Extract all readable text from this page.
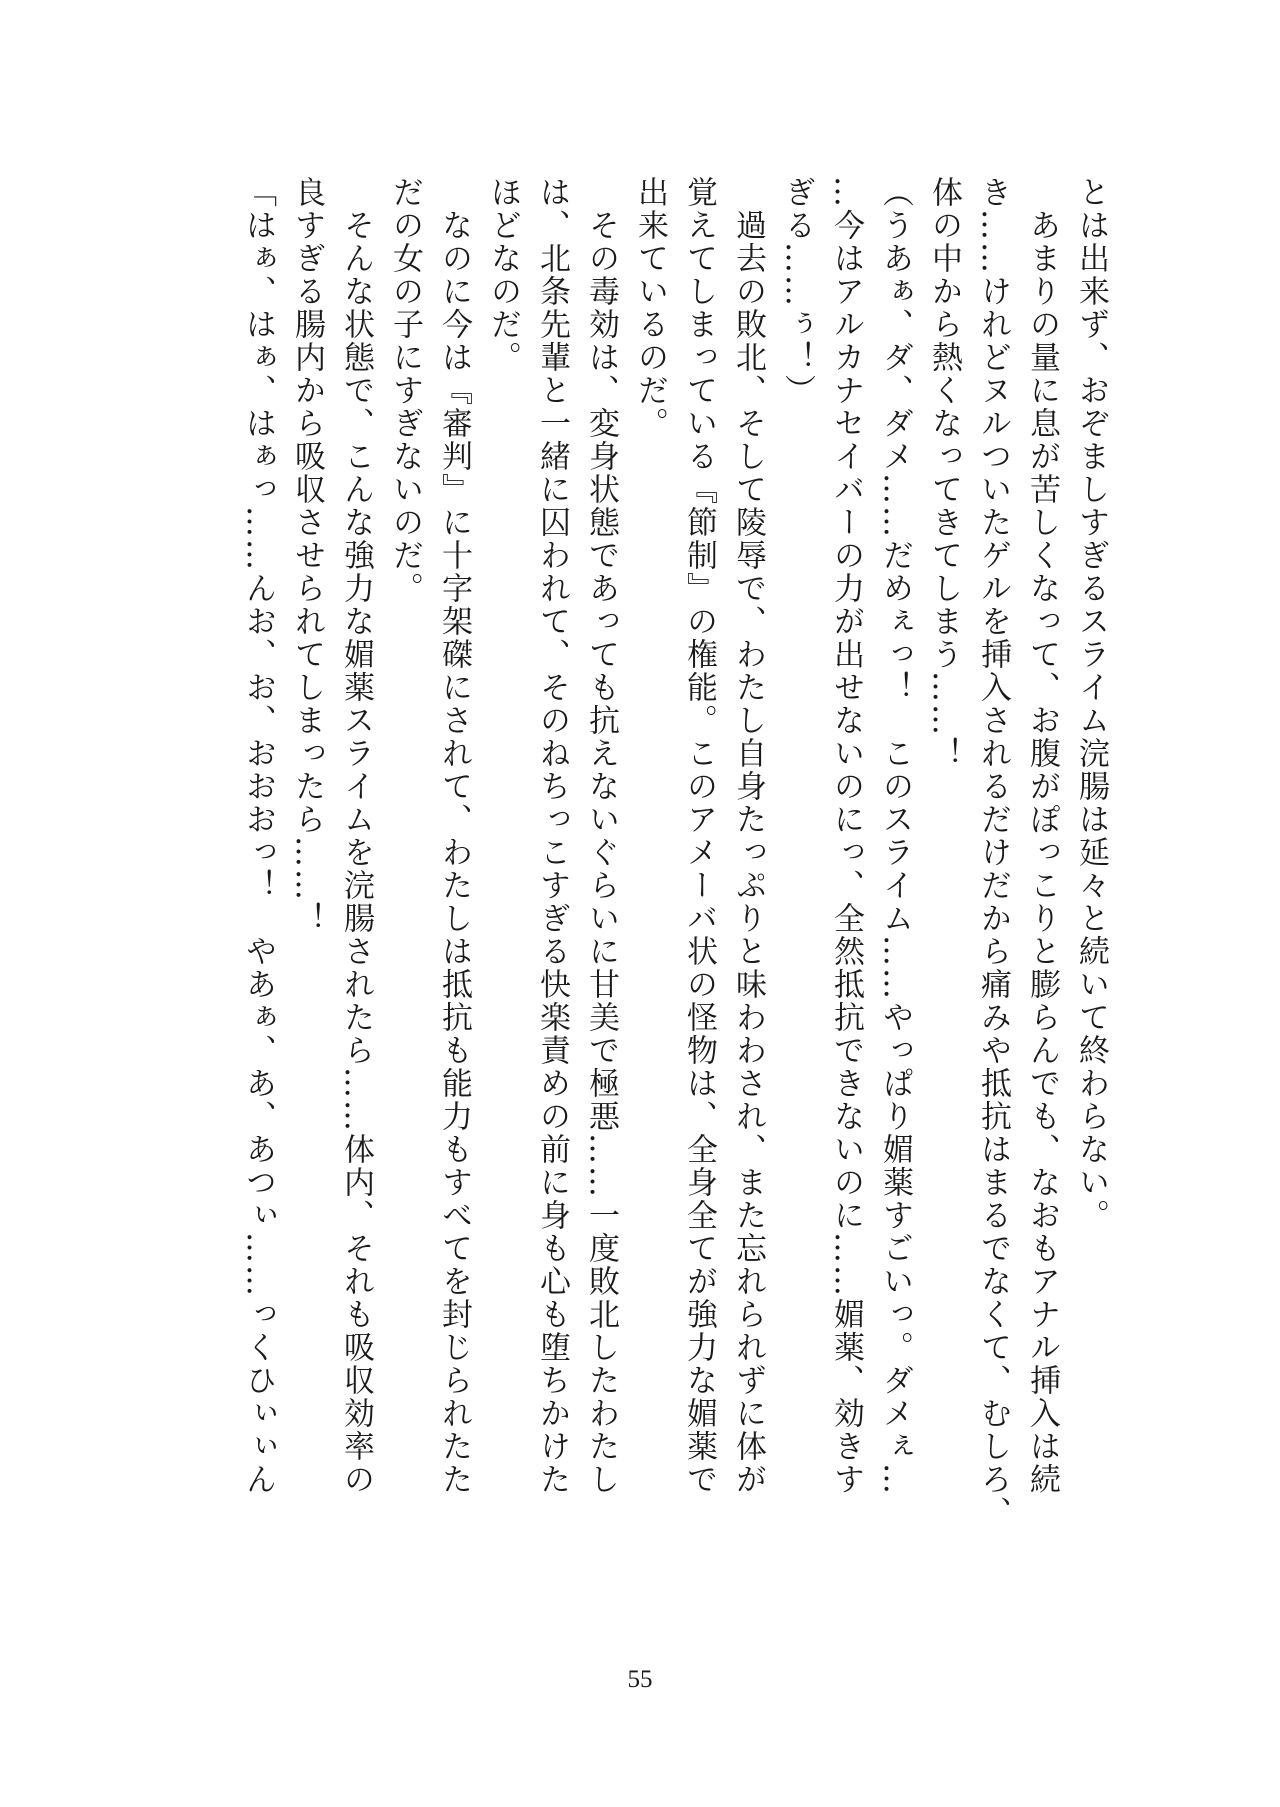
とは出来ず、おぞましすぎるスライム浣腸は延々と続いて終わらない。

　あまりの量に息が苦しくなって、お腹がぽっこりと膨らんでも、なおもアナル挿入は続

き……けれどヌルついたゲルを挿入されるだけだから痛みや抵抗はまるでなくて、むしろ、

体の中から熱くなってきてしまう……！

（うあぁ、ダ、ダメ……だめぇっ！　このスライム……やっぱり媚薬すごいっ。ダメぇ…

…今はアルカナセイバーの力が出せないのにっ、全然抵抗できないのに……媚薬、効きす

ぎる……ぅ！）

　過去の敗北、そして陵辱で、わたし自身たっぷりと味わわされ、また忘れられずに体が

覚えてしまっている『節制』の権能。このアメーバ状の怪物は、全身全てが強力な媚薬で

出来ているのだ。

　その毒効は、変身状態であっても抗えないぐらいに甘美で極悪……一度敗北したわたし

は、北条先輩と一緒に囚われて、そのねちっこすぎる快楽責めの前に身も心も堕ちかけた

ほどなのだ。

　なのに今は『審判』に十字架磔にされて、わたしは抵抗も能力もすべてを封じられたた

だの女の子にすぎないのだ。

　そんな状態で、こんな強力な媚薬スライムを浣腸されたら……体内、それも吸収効率の

良すぎる腸内から吸収させられてしまったら……！

「はぁ、はぁ、はぁっ……んお、お、おおおっ！　やあぁ、あ、あつぃ……っくひぃぃん

55
